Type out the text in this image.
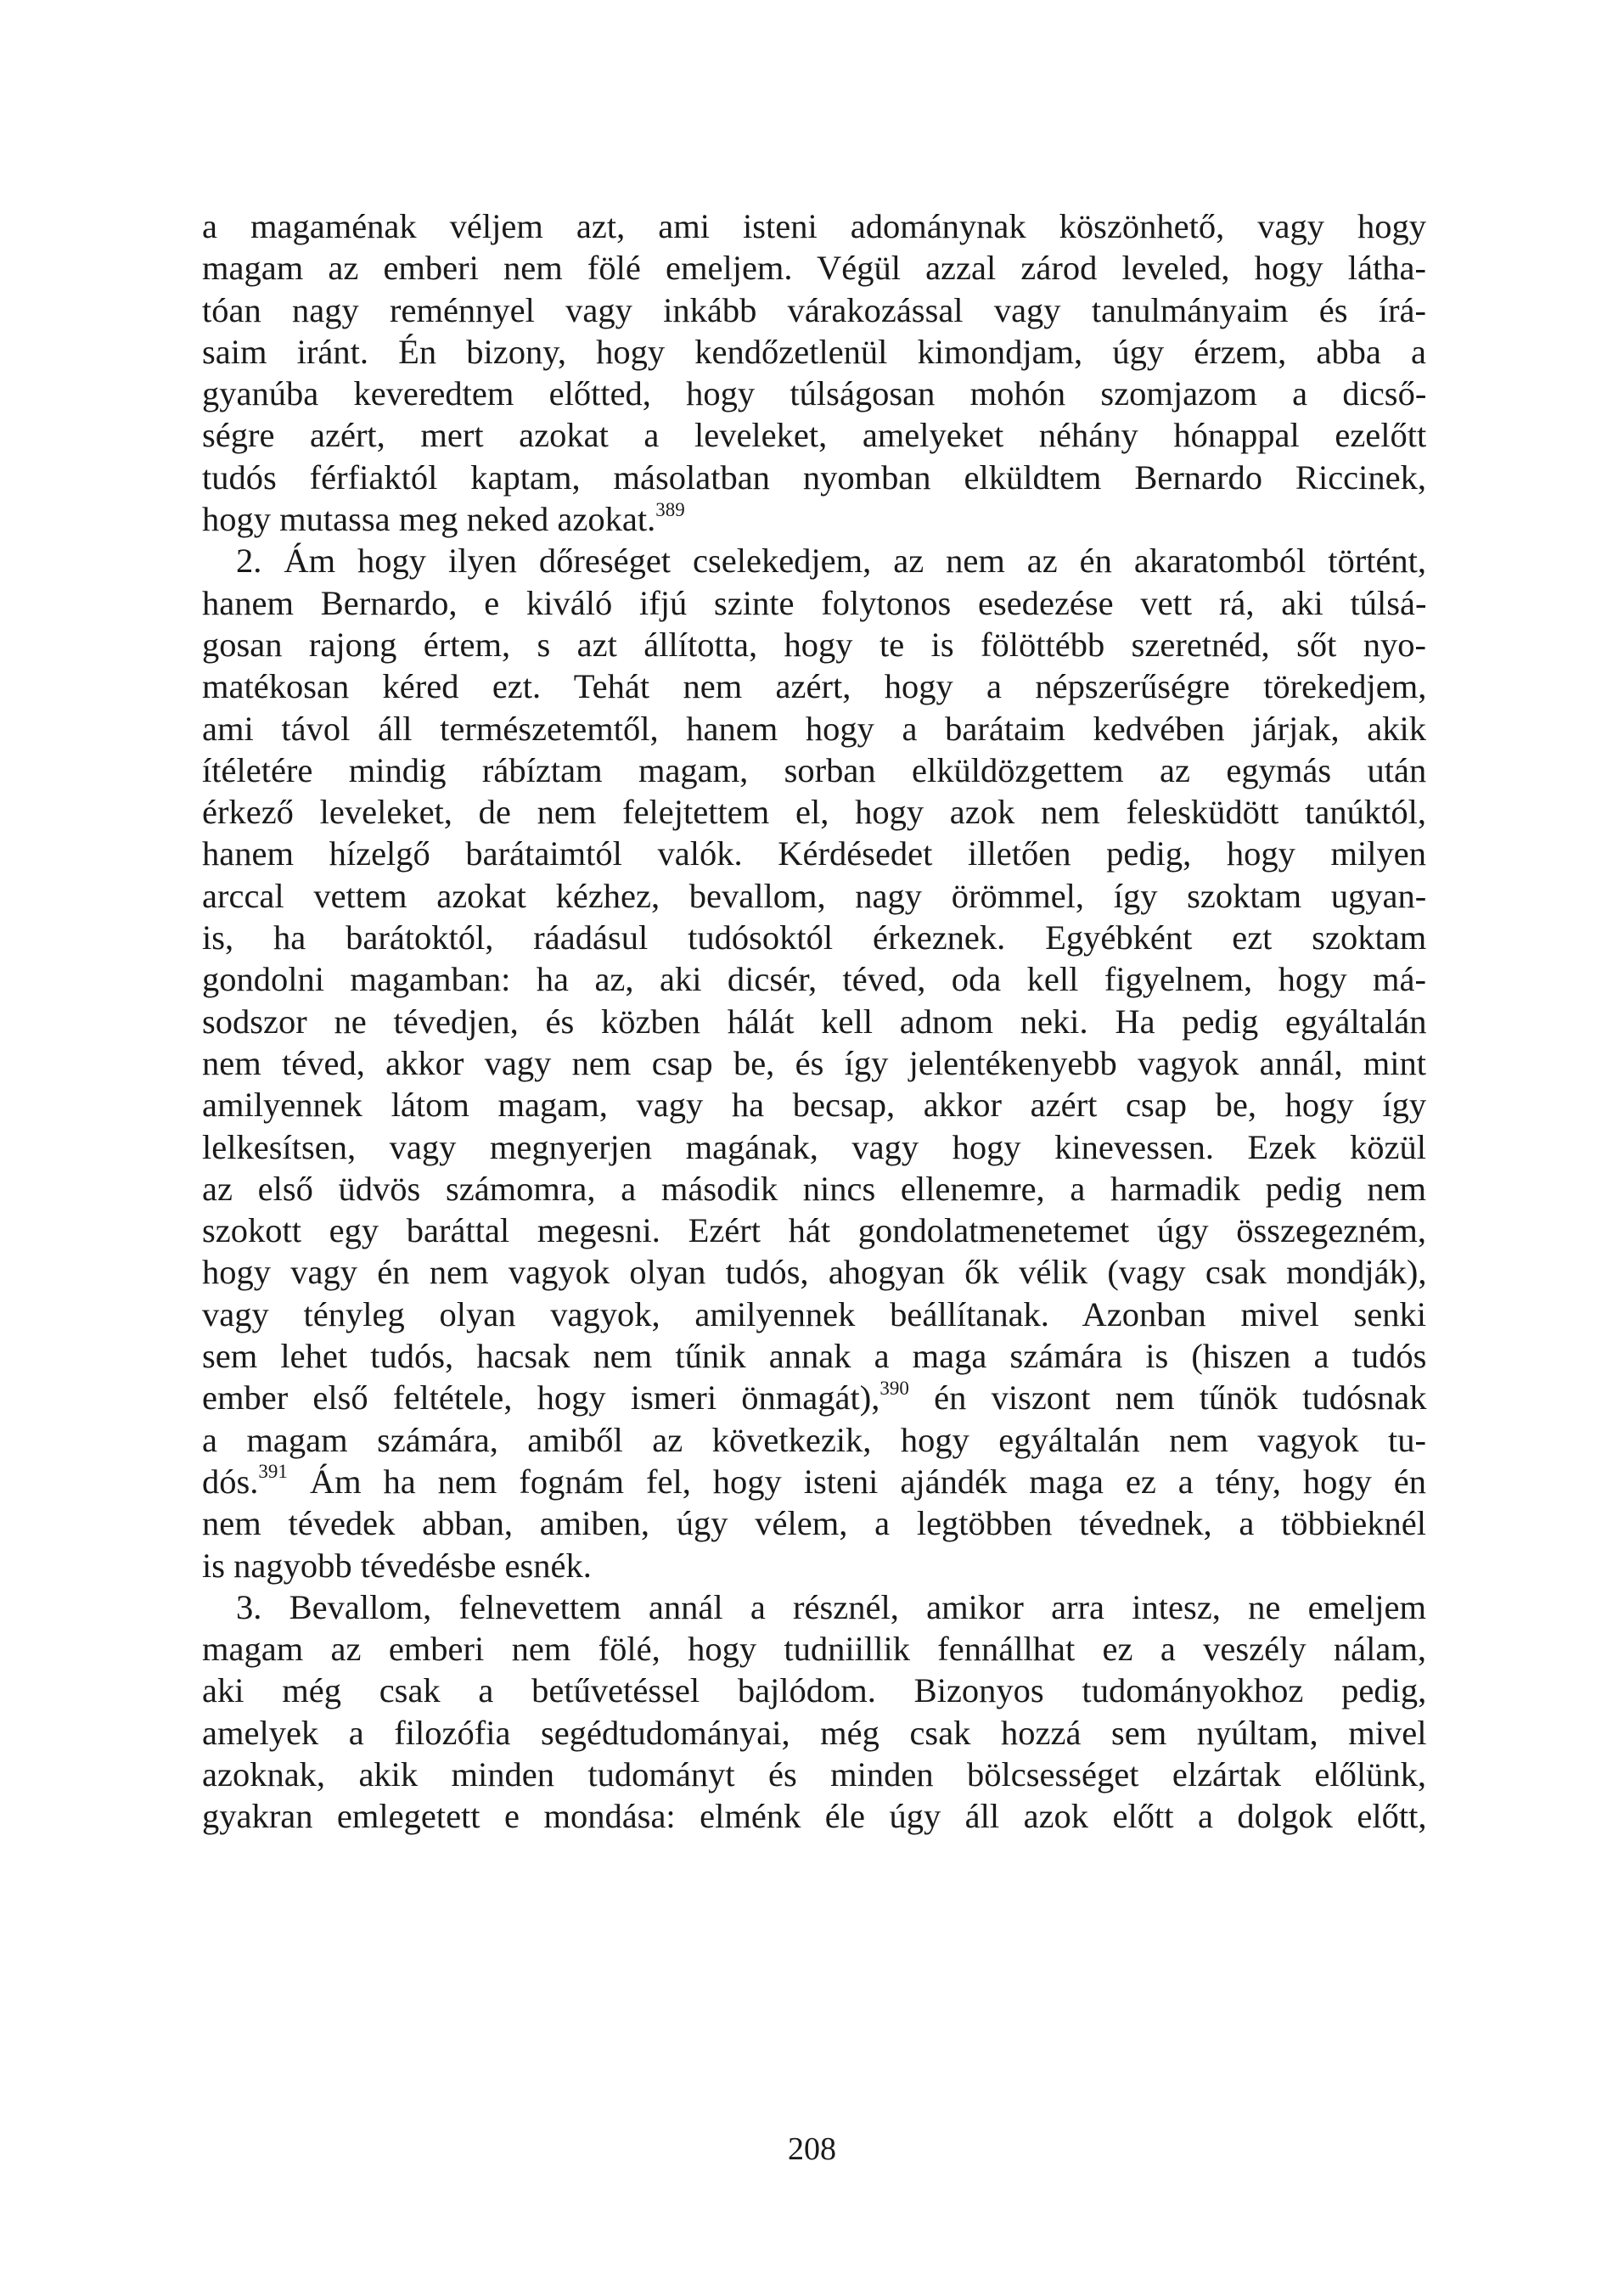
a magaménak véljem azt, ami isteni adománynak köszönhető, vagy hogy
magam az emberi nem fölé emeljem. Végül azzal zárod leveled, hogy látha-
tóan nagy reménnyel vagy inkább várakozással vagy tanulmányaim és írá-
saim iránt. Én bizony, hogy kendőzetlenül kimondjam, úgy érzem, abba a
gyanúba keveredtem előtted, hogy túlságosan mohón szomjazom a dicső-
ségre azért, mert azokat a leveleket, amelyeket néhány hónappal ezelőtt
tudós férfiaktól kaptam, másolatban nyomban elküldtem Bernardo Riccinek,
hogy mutassa meg neked azokat.$^{389}$
2. Ám hogy ilyen dőreséget cselekedjem, az nem az én akaratomból történt,
hanem Bernardo, e kiváló ifjú szinte folytonos esedezése vett rá, aki túlsá-
gosan rajong értem, s azt állította, hogy te is fölöttébb szeretnéd, sőt nyo-
matékosan kéred ezt. Tehát nem azért, hogy a népszerűségre törekedjem,
ami távol áll természetemtől, hanem hogy a barátaim kedvében járjak, akik
ítéletére mindig rábíztam magam, sorban elküldözgettem az egymás után
érkező leveleket, de nem felejtettem el, hogy azok nem felesküdött tanúktól,
hanem hízelgő barátaimtól valók. Kérdésedet illetően pedig, hogy milyen
arccal vettem azokat kézhez, bevallom, nagy örömmel, így szoktam ugyan-
is, ha barátoktól, ráadásul tudósoktól érkeznek. Egyébként ezt szoktam
gondolni magamban: ha az, aki dicsér, téved, oda kell figyelnem, hogy má-
sodszor ne tévedjen, és közben hálát kell adnom neki. Ha pedig egyáltalán
nem téved, akkor vagy nem csap be, és így jelentékenyebb vagyok annál, mint
amilyennek látom magam, vagy ha becsap, akkor azért csap be, hogy így
lelkesítsen, vagy megnyerjen magának, vagy hogy kinevessen. Ezek közül
az első üdvös számomra, a második nincs ellenemre, a harmadik pedig nem
szokott egy baráttal megesni. Ezért hát gondolatmenetemet úgy összegezném,
hogy vagy én nem vagyok olyan tudós, ahogyan ők vélik (vagy csak mondják),
vagy tényleg olyan vagyok, amilyennek beállítanak. Azonban mivel senki
sem lehet tudós, hacsak nem tűnik annak a maga számára is (hiszen a tudós
ember első feltétele, hogy ismeri önmagát),$^{390}$ én viszont nem tűnök tudósnak
a magam számára, amiből az következik, hogy egyáltalán nem vagyok tu-
dós.$^{391}$ Ám ha nem fognám fel, hogy isteni ajándék maga ez a tény, hogy én
nem tévedek abban, amiben, úgy vélem, a legtöbben tévednek, a többieknél
is nagyobb tévedésbe esnék.
3. Bevallom, felnevettem annál a résznél, amikor arra intesz, ne emeljem
magam az emberi nem fölé, hogy tudniillik fennállhat ez a veszély nálam,
aki még csak a betűvetéssel bajlódom. Bizonyos tudományokhoz pedig,
amelyek a filozófia segédtudományai, még csak hozzá sem nyúltam, mivel
azoknak, akik minden tudományt és minden bölcsességet elzártak előlünk,
gyakran emlegetett e mondása: elménk éle úgy áll azok előtt a dolgok előtt,
208
